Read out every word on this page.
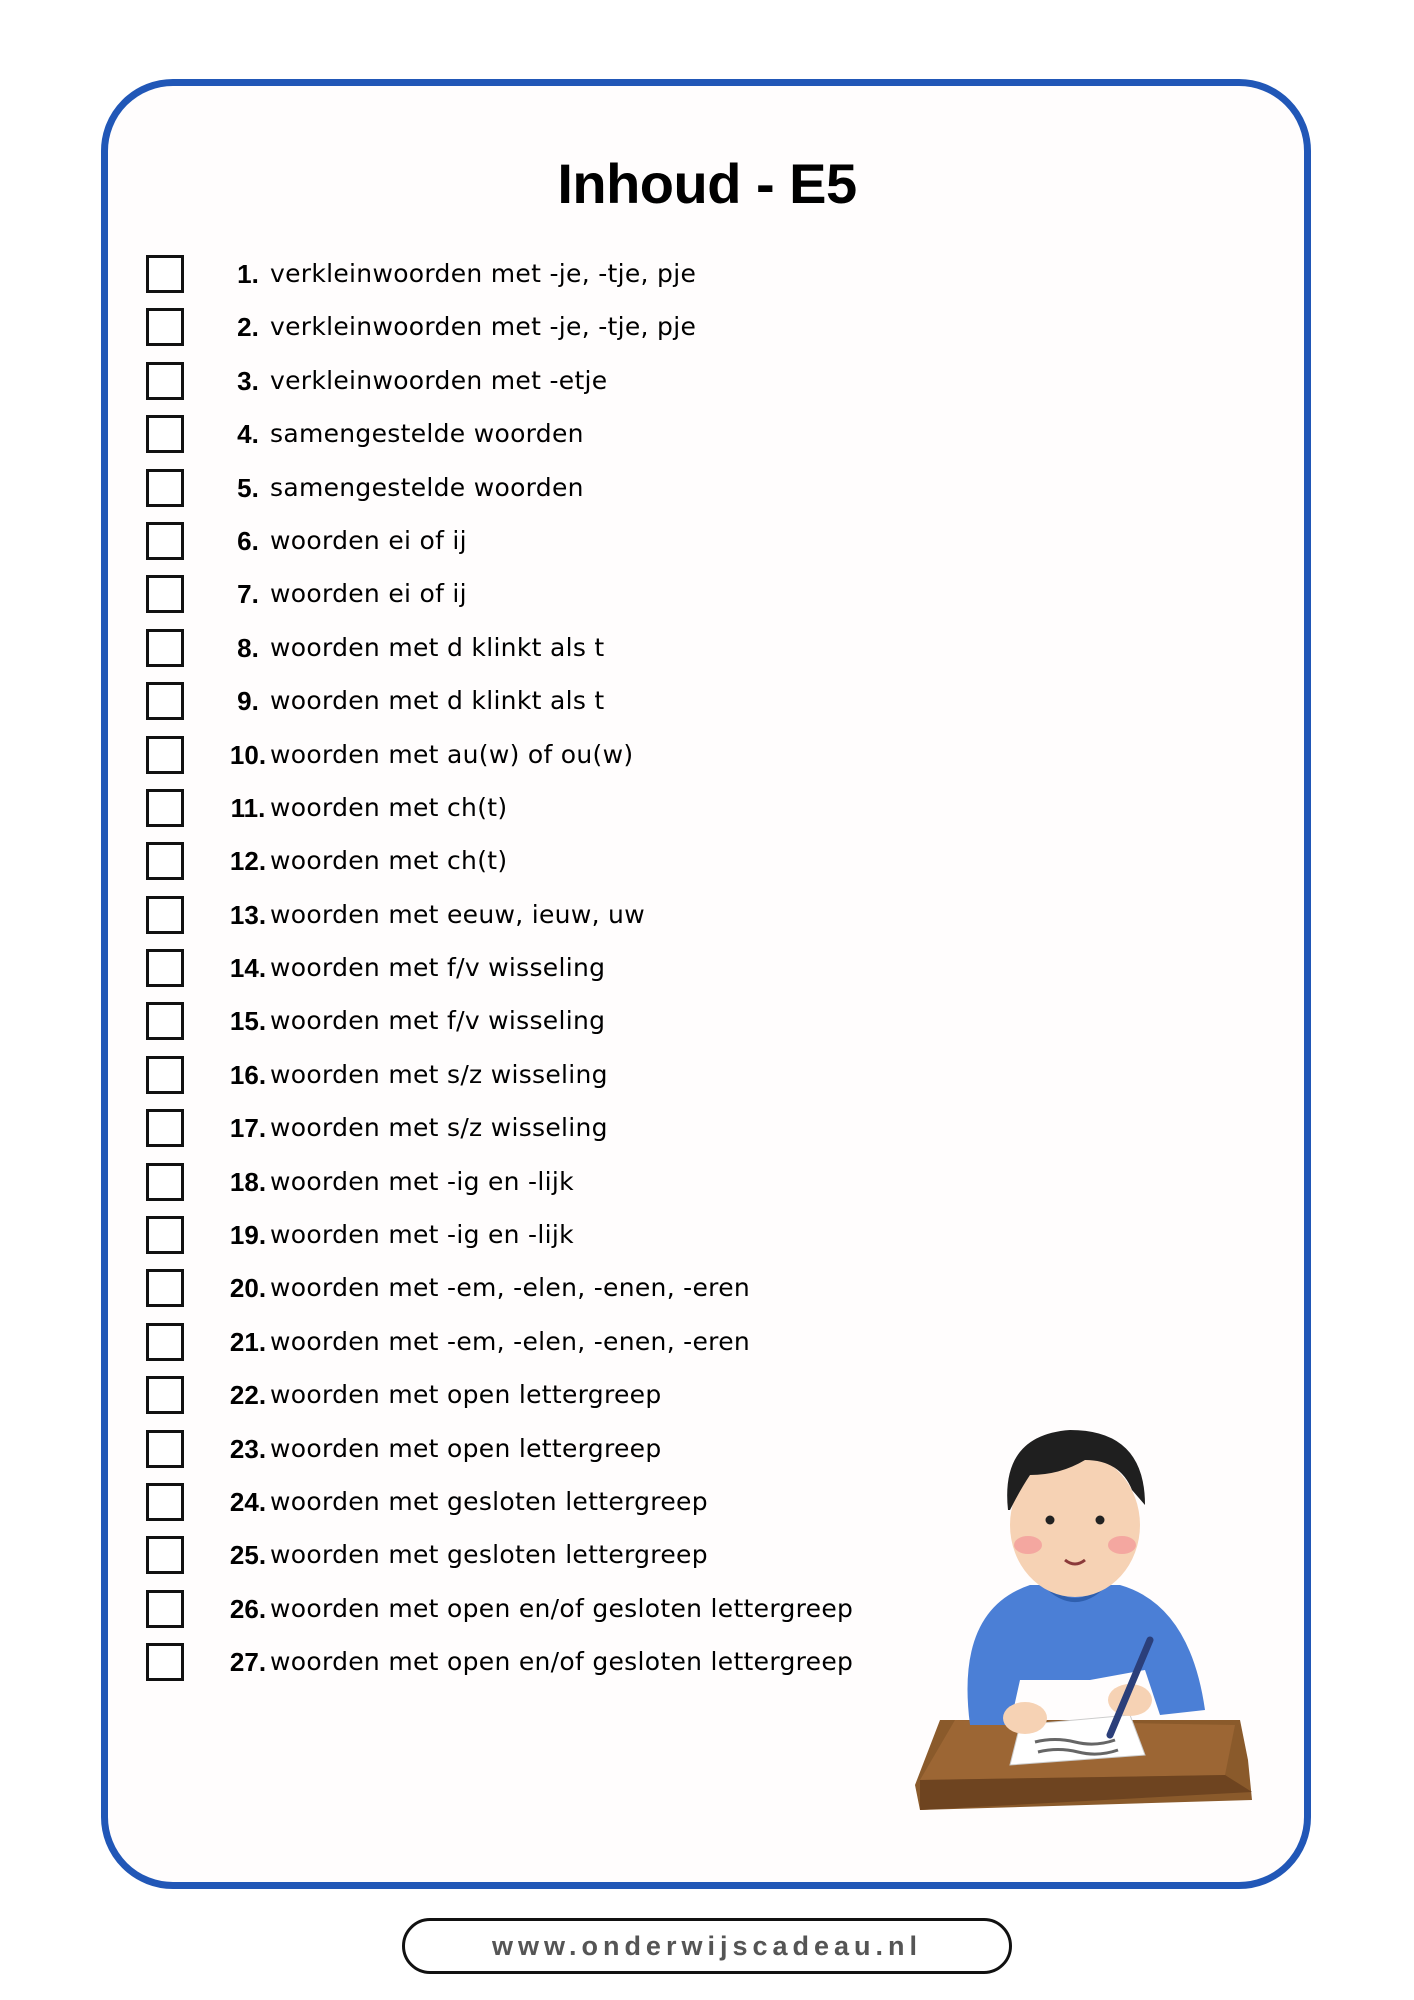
Inhoud - E5
1. verkleinwoorden met -je, -tje, pje
2. verkleinwoorden met -je, -tje, pje
3. verkleinwoorden met -etje
4. samengestelde woorden
5. samengestelde woorden
6. woorden ei of ij
7. woorden ei of ij
8. woorden met d klinkt als t
9. woorden met d klinkt als t
10. woorden met au(w) of ou(w)
11. woorden met ch(t)
12. woorden met ch(t)
13. woorden met eeuw, ieuw, uw
14. woorden met f/v wisseling
15. woorden met f/v wisseling
16. woorden met s/z wisseling
17. woorden met s/z wisseling
18. woorden met -ig en -lijk
19. woorden met -ig en -lijk
20. woorden met -em, -elen, -enen, -eren
21. woorden met -em, -elen, -enen, -eren
22. woorden met open lettergreep
23. woorden met open lettergreep
24. woorden met gesloten lettergreep
25. woorden met gesloten lettergreep
26. woorden met open en/of gesloten lettergreep
27. woorden met open en/of gesloten lettergreep
www.onderwijscadeau.nl
